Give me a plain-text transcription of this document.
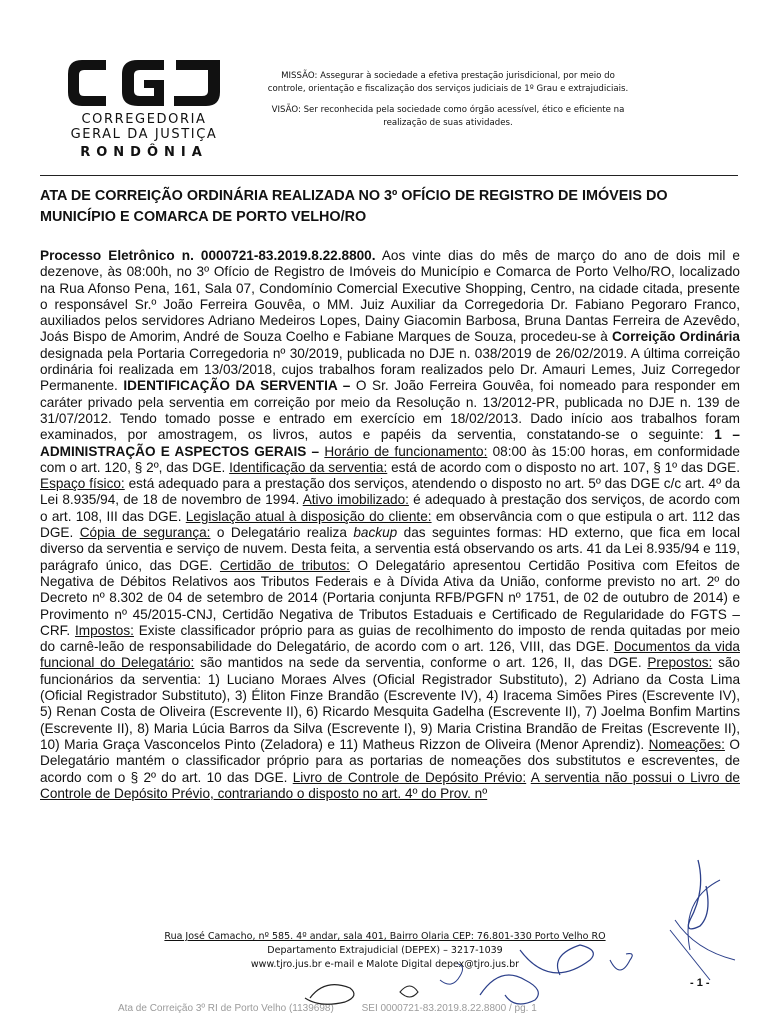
CORREGEDORIA
GERAL DA JUSTIÇA
RONDÔNIA

MISSÃO: Assegurar à sociedade a efetiva prestação jurisdicional, por meio do controle, orientação e fiscalização dos serviços judiciais de 1º Grau e extrajudiciais.

VISÃO: Ser reconhecida pela sociedade como órgão acessível, ético e eficiente na realização de suas atividades.

ATA DE CORREIÇÃO ORDINÁRIA REALIZADA NO 3º OFÍCIO DE REGISTRO DE IMÓVEIS DO MUNICÍPIO E COMARCA DE PORTO VELHO/RO
Processo Eletrônico n. 0000721-83.2019.8.22.8800. Aos vinte dias do mês de março do ano de dois mil e dezenove, às 08:00h, no 3º Ofício de Registro de Imóveis do Município e Comarca de Porto Velho/RO, localizado na Rua Afonso Pena, 161, Sala 07, Condomínio Comercial Executive Shopping, Centro, na cidade citada, presente o responsável Sr.º João Ferreira Gouvêa, o MM. Juiz Auxiliar da Corregedoria Dr. Fabiano Pegoraro Franco, auxiliados pelos servidores Adriano Medeiros Lopes, Dainy Giacomin Barbosa, Bruna Dantas Ferreira de Azevêdo, Joás Bispo de Amorim, André de Souza Coelho e Fabiane Marques de Souza, procedeu-se à Correição Ordinária designada pela Portaria Corregedoria nº 30/2019, publicada no DJE n. 038/2019 de 26/02/2019. A última correição ordinária foi realizada em 13/03/2018, cujos trabalhos foram realizados pelo Dr. Amauri Lemes, Juiz Corregedor Permanente. IDENTIFICAÇÃO DA SERVENTIA – O Sr. João Ferreira Gouvêa, foi nomeado para responder em caráter privado pela serventia em correição por meio da Resolução n. 13/2012-PR, publicada no DJE n. 139 de 31/07/2012. Tendo tomado posse e entrado em exercício em 18/02/2013. Dado início aos trabalhos foram examinados, por amostragem, os livros, autos e papéis da serventia, constatando-se o seguinte: 1 – ADMINISTRAÇÃO E ASPECTOS GERAIS – Horário de funcionamento: 08:00 às 15:00 horas, em conformidade com o art. 120, § 2º, das DGE. Identificação da serventia: está de acordo com o disposto no art. 107, § 1º das DGE. Espaço físico: está adequado para a prestação dos serviços, atendendo o disposto no art. 5º das DGE c/c art. 4º da Lei 8.935/94, de 18 de novembro de 1994. Ativo imobilizado: é adequado à prestação dos serviços, de acordo com o art. 108, III das DGE. Legislação atual à disposição do cliente: em observância com o que estipula o art. 112 das DGE. Cópia de segurança: o Delegatário realiza backup das seguintes formas: HD externo, que fica em local diverso da serventia e serviço de nuvem. Desta feita, a serventia está observando os arts. 41 da Lei 8.935/94 e 119, parágrafo único, das DGE. Certidão de tributos: O Delegatário apresentou Certidão Positiva com Efeitos de Negativa de Débitos Relativos aos Tributos Federais e à Dívida Ativa da União, conforme previsto no art. 2º do Decreto nº 8.302 de 04 de setembro de 2014 (Portaria conjunta RFB/PGFN nº 1751, de 02 de outubro de 2014) e Provimento nº 45/2015-CNJ, Certidão Negativa de Tributos Estaduais e Certificado de Regularidade do FGTS – CRF. Impostos: Existe classificador próprio para as guias de recolhimento do imposto de renda quitadas por meio do carnê-leão de responsabilidade do Delegatário, de acordo com o art. 126, VIII, das DGE. Documentos da vida funcional do Delegatário: são mantidos na sede da serventia, conforme o art. 126, II, das DGE. Prepostos: são funcionários da serventia: 1) Luciano Moraes Alves (Oficial Registrador Substituto), 2) Adriano da Costa Lima (Oficial Registrador Substituto), 3) Éliton Finze Brandão (Escrevente IV), 4) Iracema Simões Pires (Escrevente IV), 5) Renan Costa de Oliveira (Escrevente II), 6) Ricardo Mesquita Gadelha (Escrevente II), 7) Joelma Bonfim Martins (Escrevente II), 8) Maria Lúcia Barros da Silva (Escrevente I), 9) Maria Cristina Brandão de Freitas (Escrevente II), 10) Maria Graça Vasconcelos Pinto (Zeladora) e 11) Matheus Rizzon de Oliveira (Menor Aprendiz). Nomeações: O Delegatário mantém o classificador próprio para as portarias de nomeações dos substitutos e escreventes, de acordo com o § 2º do art. 10 das DGE. Livro de Controle de Depósito Prévio: A serventia não possui o Livro de Controle de Depósito Prévio, contrariando o disposto no art. 4º do Prov. nº
Rua José Camacho, nº 585. 4º andar, sala 401, Bairro Olaria CEP: 76.801-330 Porto Velho RO
Departamento Extrajudicial (DEPEX) – 3217-1039
www.tjro.jus.br e-mail e Malote Digital depex@tjro.jus.br
- 1 -
Ata de Correição 3º RI de Porto Velho (1139698)          SEI 0000721-83.2019.8.22.8800 / pg. 1
